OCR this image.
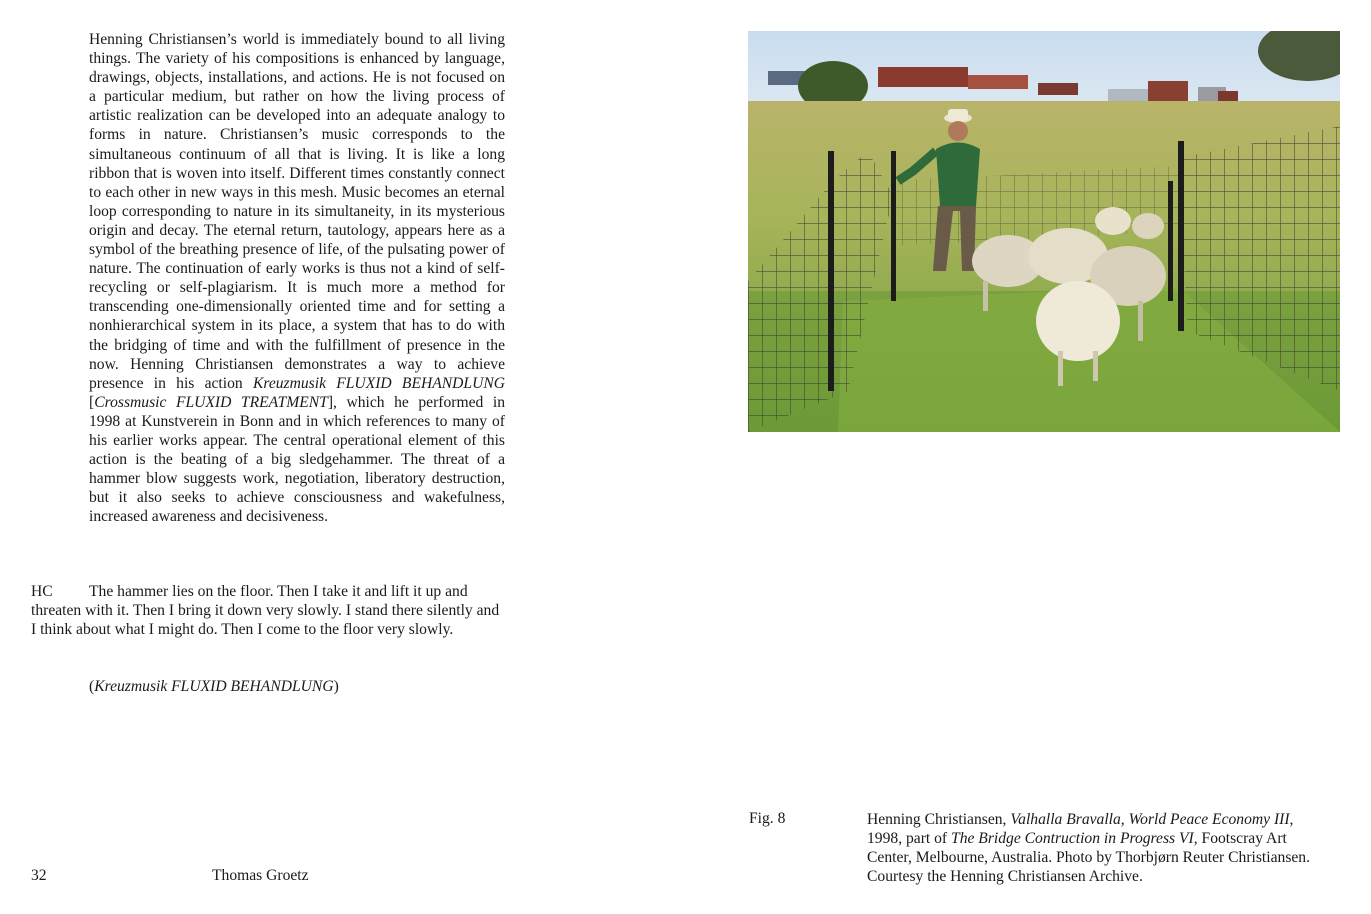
Henning Christiansen’s world is immediately bound to all living things. The variety of his compositions is enhanced by language, drawings, objects, installations, and actions. He is not focused on a particular medium, but rather on how the living process of artistic realization can be developed into an adequate analogy to forms in nature. Christiansen’s music corresponds to the simultaneous continuum of all that is living. It is like a long ribbon that is woven into itself. Different times constantly connect to each other in new ways in this mesh. Music becomes an eternal loop corresponding to nature in its simultaneity, in its mysterious origin and decay. The eternal return, tautology, appears here as a symbol of the breathing presence of life, of the pulsating power of nature. The continuation of early works is thus not a kind of self-recycling or self-plagiarism. It is much more a method for transcending one-dimensionally oriented time and for setting a nonhierarchical system in its place, a system that has to do with the bridging of time and with the fulfillment of presence in the now. Henning Christiansen demonstrates a way to achieve presence in his action Kreuzmusik FLUXID BEHANDLUNG [Crossmusic FLUXID TREATMENT], which he performed in 1998 at Kunstverein in Bonn and in which references to many of his earlier works appear. The central operational element of this action is the beating of a big sledgehammer. The threat of a hammer blow suggests work, negotiation, liberatory destruction, but it also seeks to achieve consciousness and wakefulness, increased awareness and decisiveness.
HC	The hammer lies on the floor. Then I take it and lift it up and threaten with it. Then I bring it down very slowly. I stand there silently and I think about what I might do. Then I come to the floor very slowly.

(Kreuzmusik FLUXID BEHANDLUNG)
32	Thomas Groetz
Fig. 8	Henning Christiansen, Valhalla Bravalla, World Peace Economy III, 1998, part of The Bridge Contruction in Progress VI, Footscray Art Center, Melbourne, Australia. Photo by Thorbjørn Reuter Christiansen. Courtesy the Henning Christiansen Archive.
